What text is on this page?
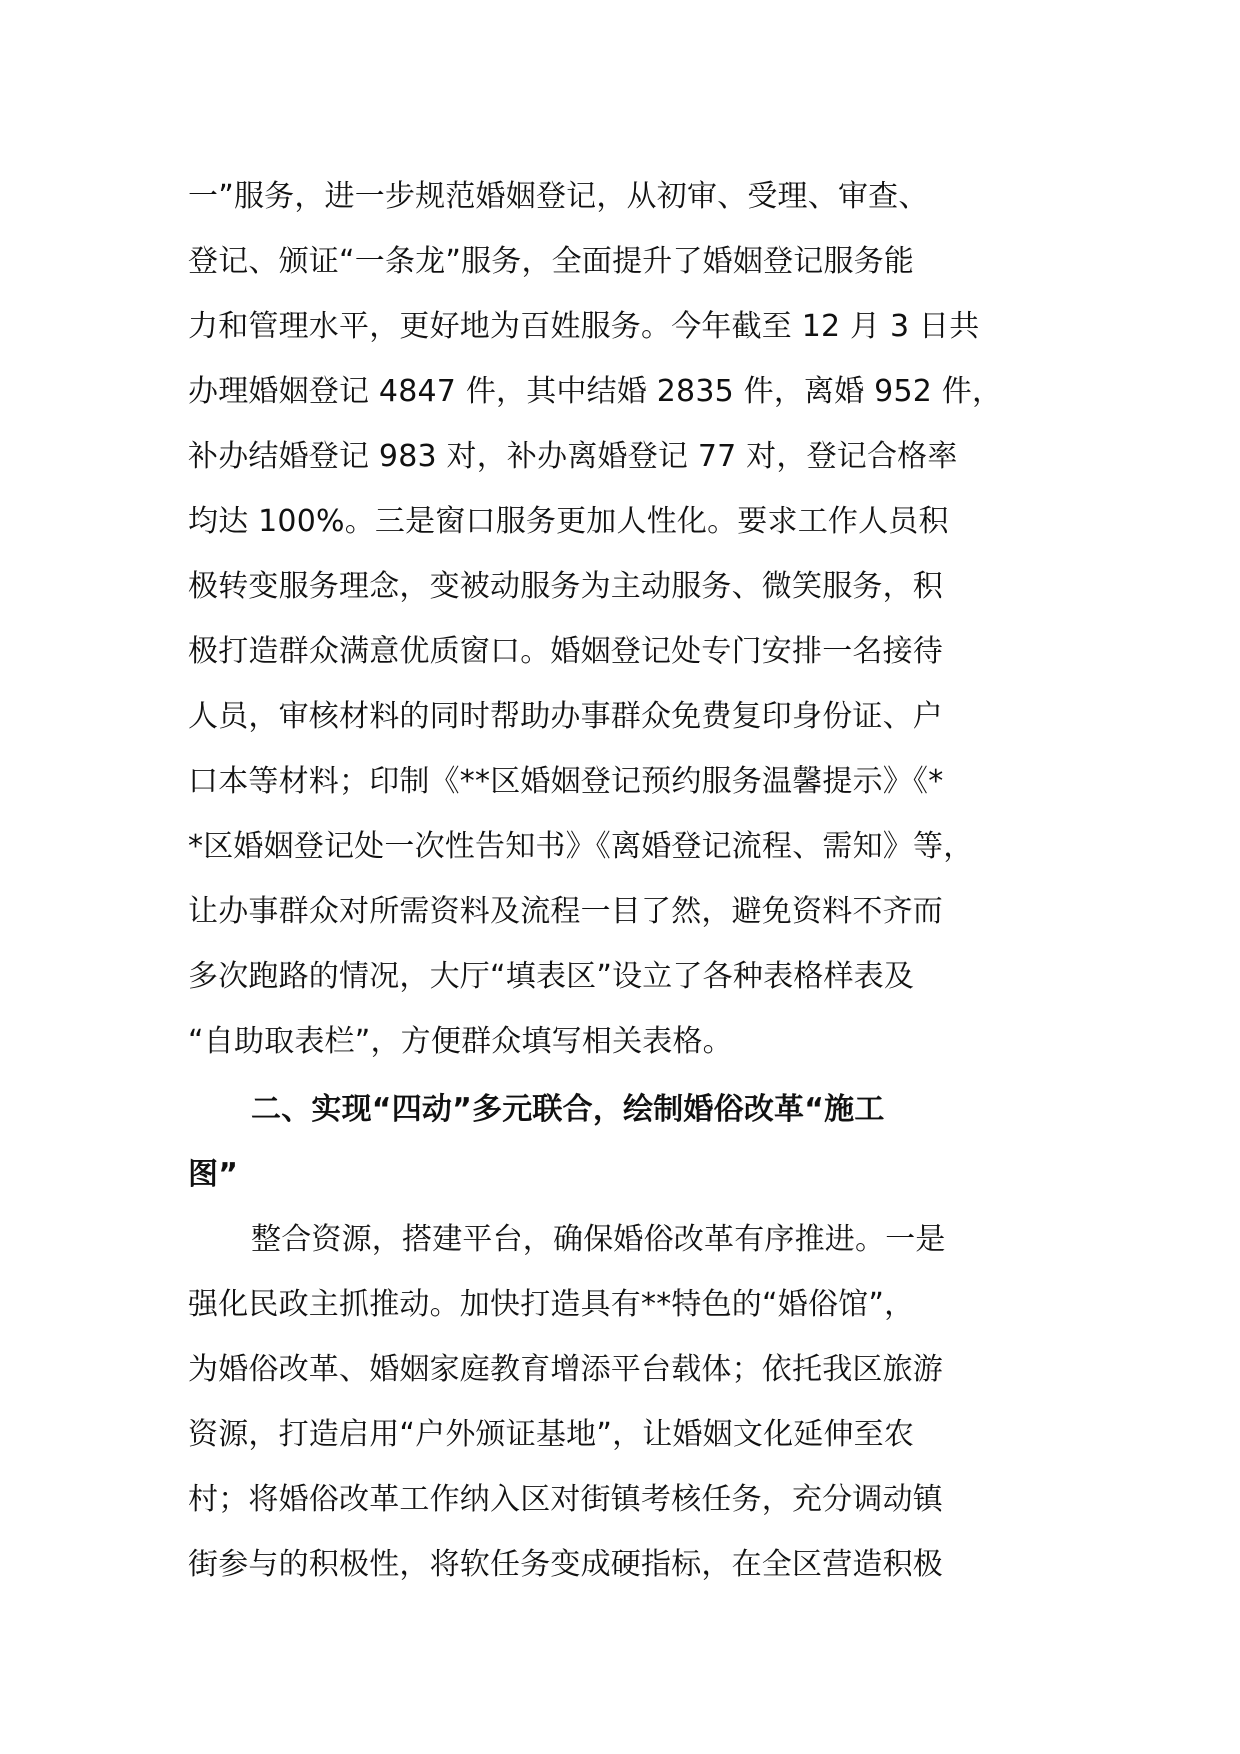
一”服务，进一步规范婚姻登记，从初审、受理、审查、
登记、颁证“一条龙”服务，全面提升了婚姻登记服务能
力和管理水平，更好地为百姓服务。今年截至 12 月 3 日共
办理婚姻登记 4847 件，其中结婚 2835 件，离婚 952 件，
补办结婚登记 983 对，补办离婚登记 77 对，登记合格率
均达 100%。三是窗口服务更加人性化。要求工作人员积
极转变服务理念，变被动服务为主动服务、微笑服务，积
极打造群众满意优质窗口。婚姻登记处专门安排一名接待
人员，审核材料的同时帮助办事群众免费复印身份证、户
口本等材料；印制《**区婚姻登记预约服务温馨提示》《*
*区婚姻登记处一次性告知书》《离婚登记流程、需知》等，
让办事群众对所需资料及流程一目了然，避免资料不齐而
多次跑路的情况，大厅“填表区”设立了各种表格样表及
“自助取表栏”，方便群众填写相关表格。
二、实现“四动”多元联合，绘制婚俗改革“施工
图”
整合资源，搭建平台，确保婚俗改革有序推进。一是
强化民政主抓推动。加快打造具有**特色的“婚俗馆”，
为婚俗改革、婚姻家庭教育增添平台载体；依托我区旅游
资源，打造启用“户外颁证基地”，让婚姻文化延伸至农
村；将婚俗改革工作纳入区对街镇考核任务，充分调动镇
街参与的积极性，将软任务变成硬指标，在全区营造积极
